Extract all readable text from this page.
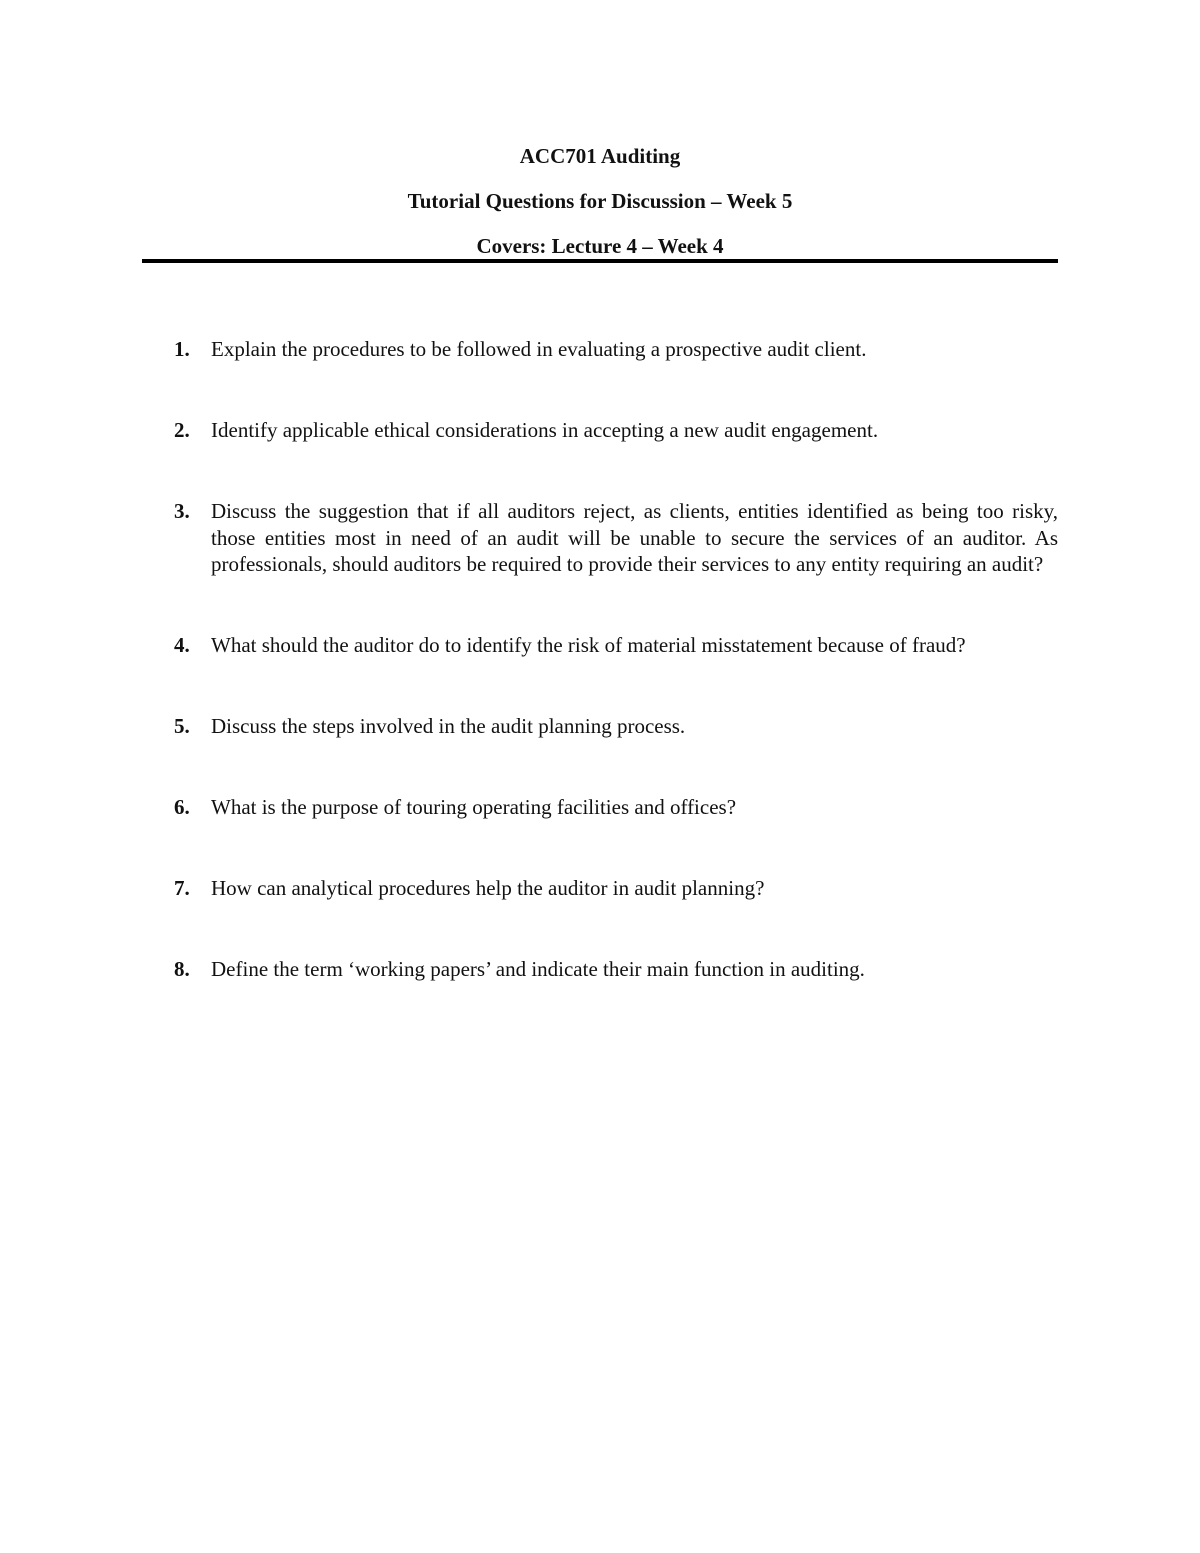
ACC701 Auditing

Tutorial Questions for Discussion – Week 5

Covers: Lecture 4 – Week 4

1. Explain the procedures to be followed in evaluating a prospective audit client.
2. Identify applicable ethical considerations in accepting a new audit engagement.
3. Discuss the suggestion that if all auditors reject, as clients, entities identified as being too risky, those entities most in need of an audit will be unable to secure the services of an auditor. As professionals, should auditors be required to provide their services to any entity requiring an audit?
4. What should the auditor do to identify the risk of material misstatement because of fraud?
5. Discuss the steps involved in the audit planning process.
6. What is the purpose of touring operating facilities and offices?
7. How can analytical procedures help the auditor in audit planning?
8. Define the term ‘working papers’ and indicate their main function in auditing.
